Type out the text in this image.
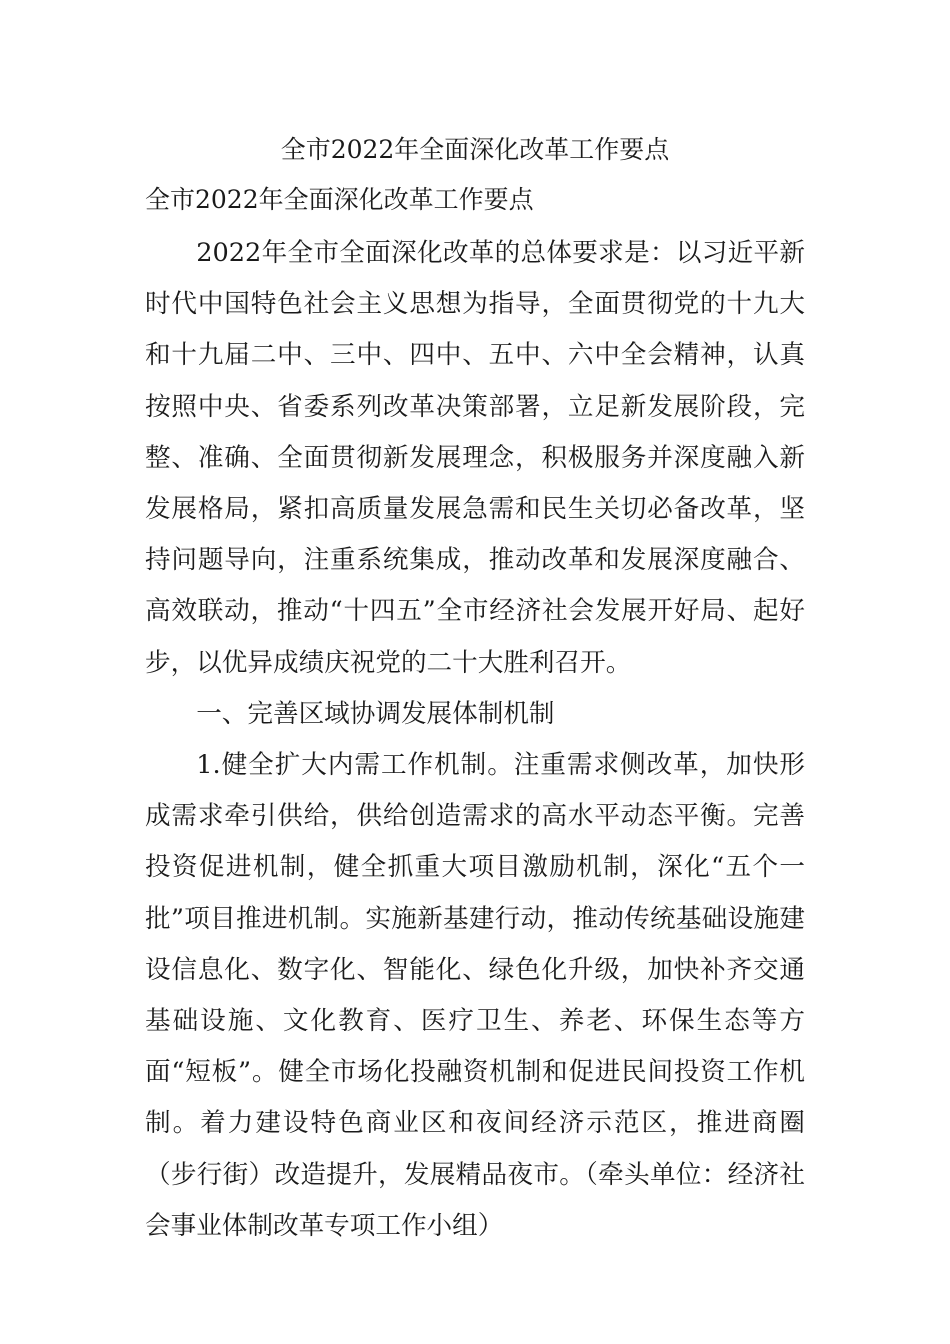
全市2022年全面深化改革工作要点
全市2022年全面深化改革工作要点

2022年全市全面深化改革的总体要求是：以习近平新时代中国特色社会主义思想为指导，全面贯彻党的十九大和十九届二中、三中、四中、五中、六中全会精神，认真按照中央、省委系列改革决策部署，立足新发展阶段，完整、准确、全面贯彻新发展理念，积极服务并深度融入新发展格局，紧扣高质量发展急需和民生关切必备改革，坚持问题导向，注重系统集成，推动改革和发展深度融合、高效联动，推动“十四五”全市经济社会发展开好局、起好步，以优异成绩庆祝党的二十大胜利召开。

一、完善区域协调发展体制机制

1.健全扩大内需工作机制。注重需求侧改革，加快形成需求牵引供给，供给创造需求的高水平动态平衡。完善投资促进机制，健全抓重大项目激励机制，深化“五个一批”项目推进机制。实施新基建行动，推动传统基础设施建设信息化、数字化、智能化、绿色化升级，加快补齐交通基础设施、文化教育、医疗卫生、养老、环保生态等方面“短板”。健全市场化投融资机制和促进民间投资工作机制。着力建设特色商业区和夜间经济示范区，推进商圈（步行街）改造提升，发展精品夜市。（牵头单位：经济社会事业体制改革专项工作小组）
